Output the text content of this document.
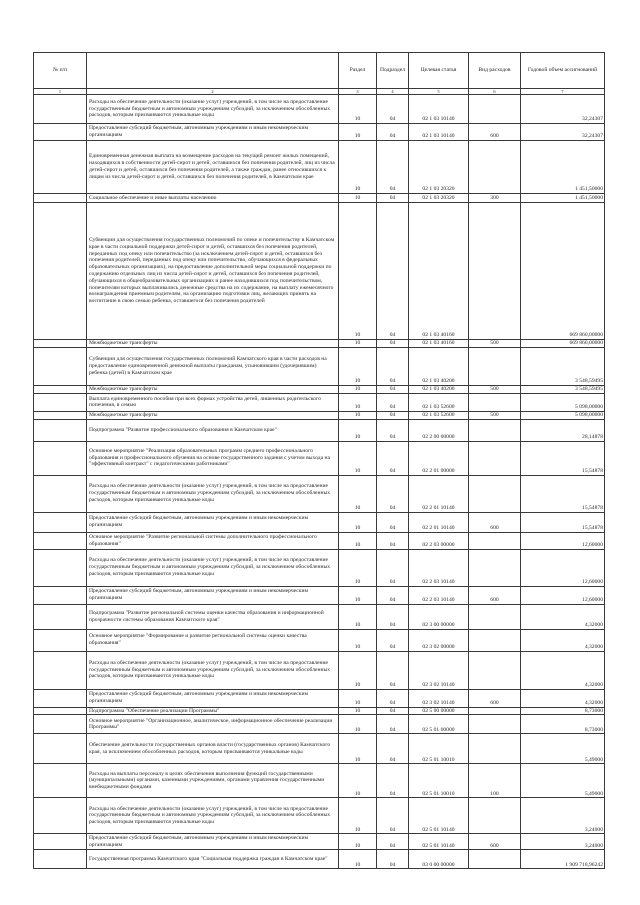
№ п/п		Раздел	Подраздел	Целевая статья	Вид расходов	Годовой объем ассигнований
1	2	3	4	5	6	7
	Расходы на обеспечение деятельности (оказание услуг) учреждений, в том числе на предоставление государственным бюджетным и автономным учреждениям субсидий, за исключением обособленных расходов, которым присваиваются уникальные коды	10	04	02 1 03 10140		32,24307
	Предоставление субсидий бюджетным, автономным учреждениям и иным некоммерческим организациям	10	04	02 1 03 10140	600	32,24307
	Единовременная денежная выплата на возмещение расходов на текущий ремонт жилых помещений, находящихся в собственности детей-сирот и детей, оставшихся без попечения родителей, лиц из числа детей-сирот и детей, оставшихся без попечения родителей, а также граждан, ранее относившихся к лицам из числа детей-сирот и детей, оставшихся без попечения родителей, в Камчатском крае	10	04	02 1 03 20320		1 451,50000
	Социальное обеспечение и иные выплаты населению	10	04	02 1 03 20320	300	1 451,50000
	Субвенции для осуществления государственных полномочий по опеке и попечительству в Камчатском крае в части социальной поддержки детей-сирот и детей, оставшихся без попечения родителей, переданных под опеку или попечительство (за исключением детей-сирот и детей, оставшихся без попечения родителей, переданных под опеку или попечительство, обучающихся в федеральных образовательных организациях), на предоставление дополнительной меры социальной поддержки по содержанию отдельных лиц из числа детей-сирот и детей, оставшихся без попечения родителей, обучающихся в общеобразовательных организациях и ранее находившихся под попечительством, попечителям которых выплачивались денежные средства на их содержание, на выплату ежемесячного вознаграждения приемным родителям, на организацию подготовки лиц, желающих принять на воспитание в свою семью ребенка, оставшегося без попечения родителей	10	04	02 1 03 40160		669 860,00000
	Межбюджетные трансферты	10	04	02 1 03 40160	500	669 860,00000
	Субвенции для осуществления государственных полномочий Камчатского края в части расходов на предоставление единовременной денежной выплаты гражданам, усыновившим (удочерившим) ребенка (детей) в Камчатском крае	10	04	02 1 03 40200		3 548,59495
	Межбюджетные трансферты	10	04	02 1 03 40200	500	3 548,59495
	Выплата единовременного пособия при всех формах устройства детей, лишенных родительского попечения, в семью	10	04	02 1 03 52600		5 098,00000
	Межбюджетные трансферты	10	04	02 1 03 52600	500	5 098,00000
	Подпрограмма "Развитие профессионального образования в Камчатском крае"	10	04	02 2 00 00000		28,14878
	Основное мероприятие "Реализация образовательных программ среднего профессионального образования и профессионального обучения на основе государственного задания с учетом выхода на "эффективный контракт" с педагогическими работниками"	10	04	02 2 01 00000		15,54878
	Расходы на обеспечение деятельности (оказание услуг) учреждений, в том числе на предоставление государственным бюджетным и автономным учреждениям субсидий, за исключением обособленных расходов, которым присваиваются уникальные коды	10	04	02 2 01 10140		15,54878
	Предоставление субсидий бюджетным, автономным учреждениям и иным некоммерческим организациям	10	04	02 2 01 10140	600	15,54878
	Основное мероприятие "Развитие региональной системы дополнительного профессионального образования"	10	04	02 2 03 00000		12,60000
	Расходы на обеспечение деятельности (оказание услуг) учреждений, в том числе на предоставление государственным бюджетным и автономным учреждениям субсидий, за исключением обособленных расходов, которым присваиваются уникальные коды	10	04	02 2 03 10140		12,60000
	Предоставление субсидий бюджетным, автономным учреждениям и иным некоммерческим организациям	10	04	02 2 03 10140	600	12,60000
	Подпрограмма "Развитие региональной системы оценки качества образования и информационной прозрачности системы образования Камчатского края"	10	04	02 3 00 00000		4,32000
	Основное мероприятие "Формирование и развитие региональной системы оценки качества образования"	10	04	02 3 02 00000		4,32000
	Расходы на обеспечение деятельности (оказание услуг) учреждений, в том числе на предоставление государственным бюджетным и автономным учреждениям субсидий, за исключением обособленных расходов, которым присваиваются уникальные коды	10	04	02 3 02 10140		4,32000
	Предоставление субсидий бюджетным, автономным учреждениям и иным некоммерческим организациям	10	04	02 3 02 10140	600	4,32000
	Подпрограмма "Обеспечение реализации Программы"	10	04	02 5 00 00000		8,73000
	Основное мероприятие "Организационное, аналитическое, информационное обеспечение реализации Программы"	10	04	02 5 01 00000		8,73000
	Обеспечение деятельности государственных органов власти (государственных органов) Камчатского края, за исключением обособленных расходов, которым присваиваются уникальные коды	10	04	02 5 01 10010		5,49000
	Расходы на выплаты персоналу в целях обеспечения выполнения функций государственными (муниципальными) органами, казенными учреждениями, органами управления государственными внебюджетными фондами	10	04	02 5 01 10010	100	5,49000
	Расходы на обеспечение деятельности (оказание услуг) учреждений, в том числе на предоставление государственным бюджетным и автономным учреждениям субсидий, за исключением обособленных расходов, которым присваиваются уникальные коды	10	04	02 5 01 10140		3,24000
	Предоставление субсидий бюджетным, автономным учреждениям и иным некоммерческим организациям	10	04	02 5 01 10140	600	3,24000
	Государственная программа Камчатского края "Социальная поддержка граждан в Камчатском крае"	10	04	03 0 00 00000		1 909 718,96242
